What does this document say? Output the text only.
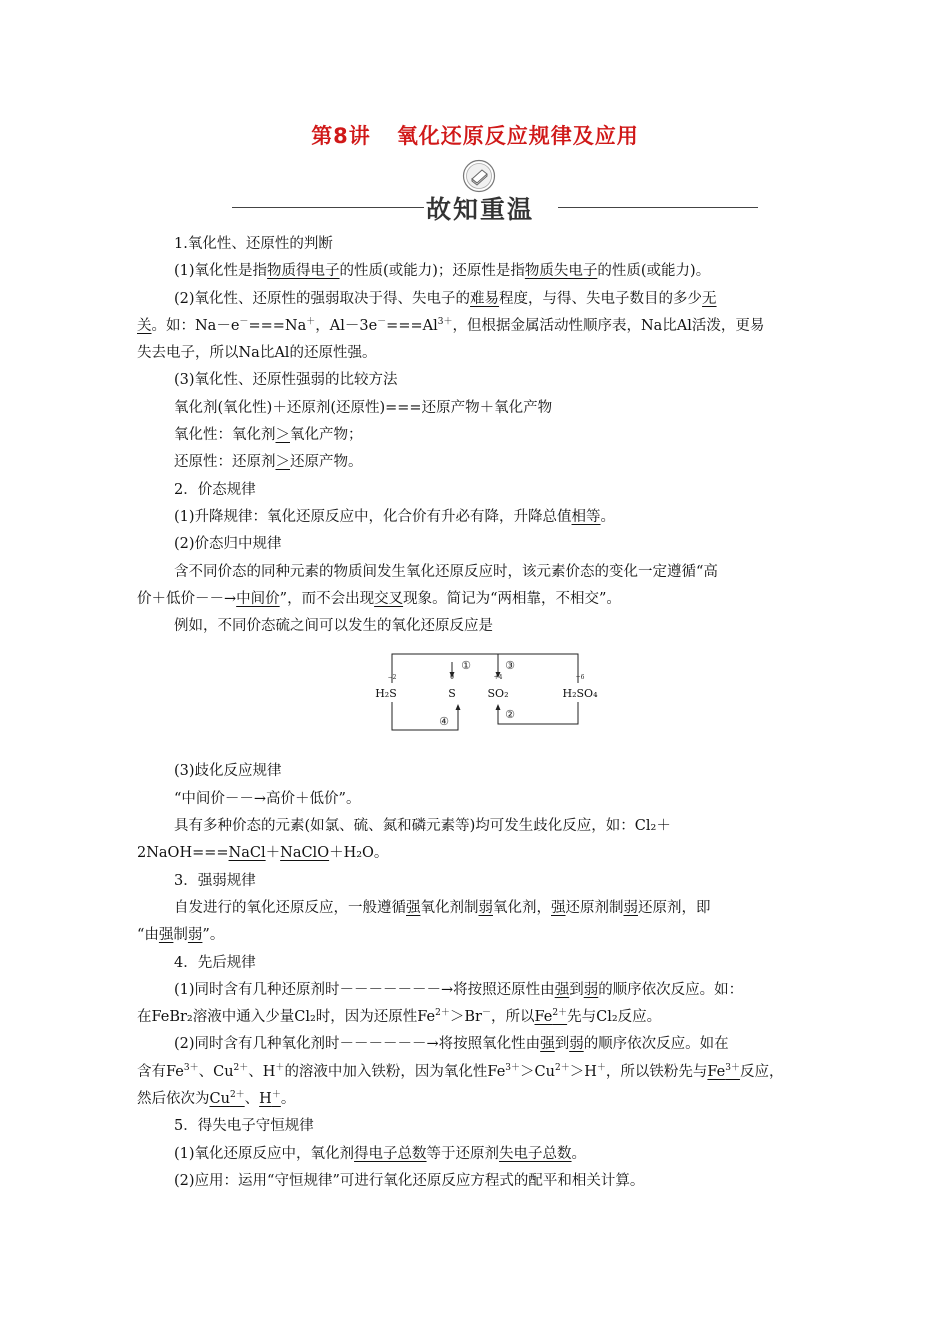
第8讲 氧化还原反应规律及应用
故知重温

1.氧化性、还原性的判断

(1)氧化性是指物质得电子的性质(或能力)；还原性是指物质失电子的性质(或能力)。

(2)氧化性、还原性的强弱取决于得、失电子的难易程度，与得、失电子数目的多少无

关。如：Na－e－===Na＋，$Al-3e^-===Al^{3+}$，但根据金属活动性顺序表，Na比Al活泼，更易

失去电子，所以Na比Al的还原性强。

(3)氧化性、还原性强弱的比较方法

氧化剂(氧化性)＋还原剂(还原性)===还原产物＋氧化产物

氧化性：氧化剂＞氧化产物；

还原性：还原剂＞还原产物。

2．价态规律

(1)升降规律：氧化还原反应中，化合价有升必有降，升降总值相等。

(2)价态归中规律

含不同价态的同种元素的物质间发生氧化还原反应时，该元素价态的变化一定遵循“高

价＋低价－－→中间价”，而不会出现交叉现象。简记为“两相靠，不相交”。

例如，不同价态硫之间可以发生的氧化还原反应是

−2	0	+4	+6
H₂S	S	SO₂	H₂SO₄
①
②
③
④

(3)歧化反应规律

“中间价－－→高价＋低价”。

具有多种价态的元素(如氯、硫、氮和磷元素等)均可发生歧化反应，如：Cl₂＋

2NaOH===NaCl＋NaClO＋H₂O。

3．强弱规律

自发进行的氧化还原反应，一般遵循强氧化剂制弱氧化剂，强还原剂制弱还原剂，即

“由强制弱”。

4．先后规律

(1)同时含有几种还原剂时－－－－－－－→将按照还原性由强到弱的顺序依次反应。如：

在FeBr₂溶液中通入少量Cl₂时，因为还原性$Fe^{2+}>Br^-$，所以$Fe^{2+}$先与Cl₂反应。

(2)同时含有几种氧化剂时－－－－－－→将按照氧化性由强到弱的顺序依次反应。如在

含有$Fe^{3+}$、$Cu^{2+}$、H＋的溶液中加入铁粉，因为氧化性$Fe^{3+}>Cu^{2+}>H^+$，所以铁粉先与$Fe^{3+}$反应，

然后依次为$Cu^{2+}$、H＋。

5．得失电子守恒规律

(1)氧化还原反应中，氧化剂得电子总数等于还原剂失电子总数。

(2)应用：运用“守恒规律”可进行氧化还原反应方程式的配平和相关计算。
